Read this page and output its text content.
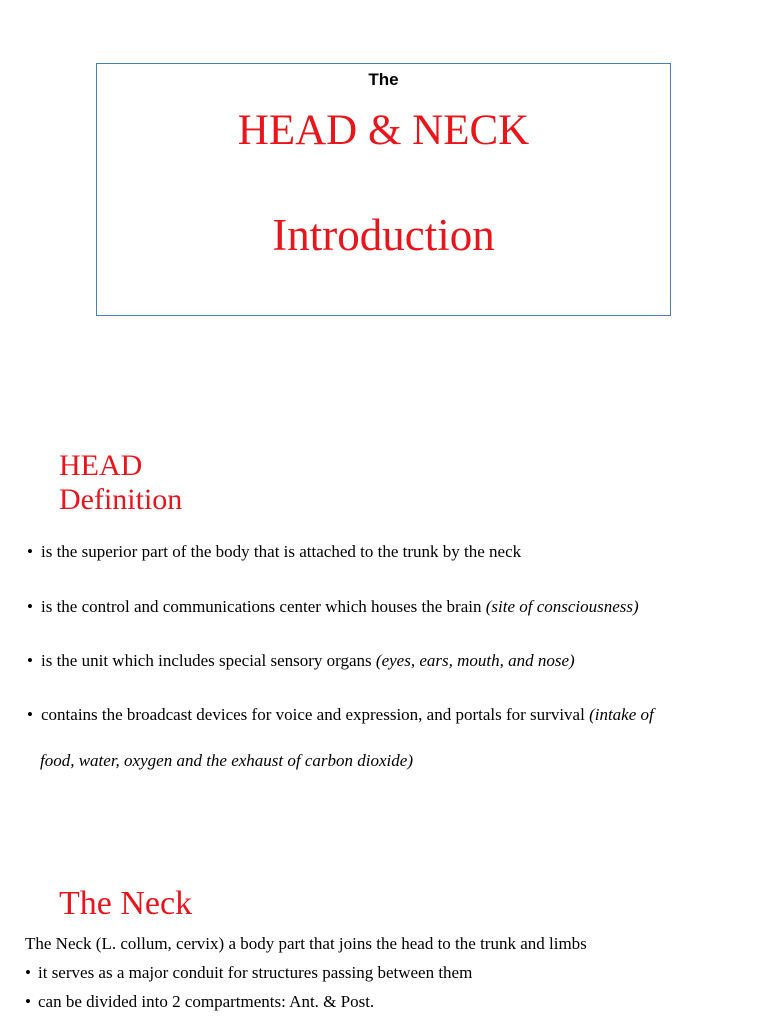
The
HEAD & NECK
Introduction
HEAD
Definition
• is the superior part of the body that is attached to the trunk by the neck
• is the control and communications center which houses the brain (site of consciousness)
• is the unit which includes special sensory organs (eyes, ears, mouth, and nose)
• contains the broadcast devices for voice and expression, and portals for survival (intake of
food, water, oxygen and the exhaust of carbon dioxide)
The Neck
The Neck (L. collum, cervix) a body part that joins the head to the trunk and limbs
• it serves as a major conduit for structures passing between them
• can be divided into 2 compartments: Ant. & Post.
